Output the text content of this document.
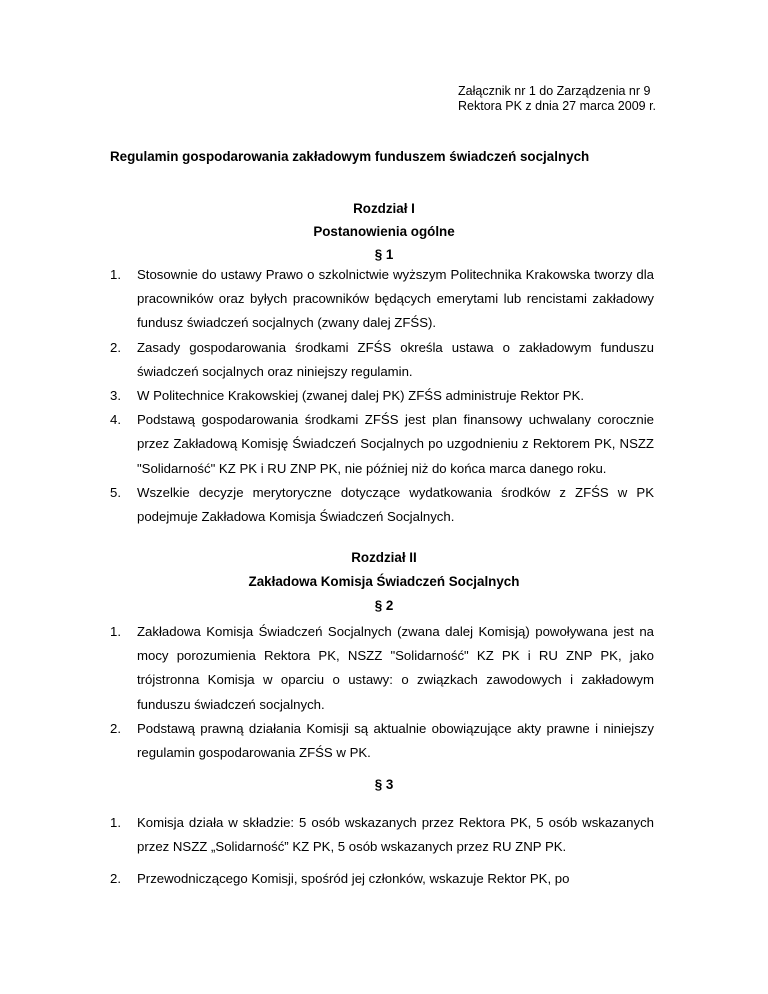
Załącznik nr 1 do Zarządzenia nr 9
Rektora PK z dnia 27 marca 2009 r.
Regulamin gospodarowania zakładowym funduszem świadczeń socjalnych
Rozdział I
Postanowienia ogólne
§ 1
1. Stosownie do ustawy Prawo o szkolnictwie wyższym Politechnika Krakowska tworzy dla pracowników oraz byłych pracowników będących emerytami lub rencistami zakładowy fundusz świadczeń socjalnych (zwany dalej ZFŚS).
2. Zasady gospodarowania środkami ZFŚS określa ustawa o zakładowym funduszu świadczeń socjalnych oraz niniejszy regulamin.
3. W Politechnice Krakowskiej (zwanej dalej PK) ZFŚS administruje Rektor PK.
4. Podstawą gospodarowania środkami ZFŚS jest plan finansowy uchwalany corocznie przez Zakładową Komisję Świadczeń Socjalnych po uzgodnieniu z Rektorem PK, NSZZ "Solidarność" KZ PK i RU ZNP PK, nie później niż do końca marca danego roku.
5. Wszelkie decyzje merytoryczne dotyczące wydatkowania środków z ZFŚS w PK podejmuje Zakładowa Komisja Świadczeń Socjalnych.
Rozdział II
Zakładowa Komisja Świadczeń Socjalnych
§ 2
1. Zakładowa Komisja Świadczeń Socjalnych (zwana dalej Komisją) powoływana jest na mocy porozumienia Rektora PK, NSZZ "Solidarność" KZ PK i RU ZNP PK, jako trójstronna Komisja w oparciu o ustawy: o związkach zawodowych i zakładowym funduszu świadczeń socjalnych.
2. Podstawą prawną działania Komisji są aktualnie obowiązujące akty prawne i niniejszy regulamin gospodarowania ZFŚS w PK.
§ 3
1. Komisja działa w składzie: 5 osób wskazanych przez Rektora PK, 5 osób wskazanych przez NSZZ „Solidarność” KZ PK, 5 osób wskazanych przez RU ZNP PK.
2. Przewodniczącego Komisji, spośród jej członków, wskazuje Rektor PK, po
